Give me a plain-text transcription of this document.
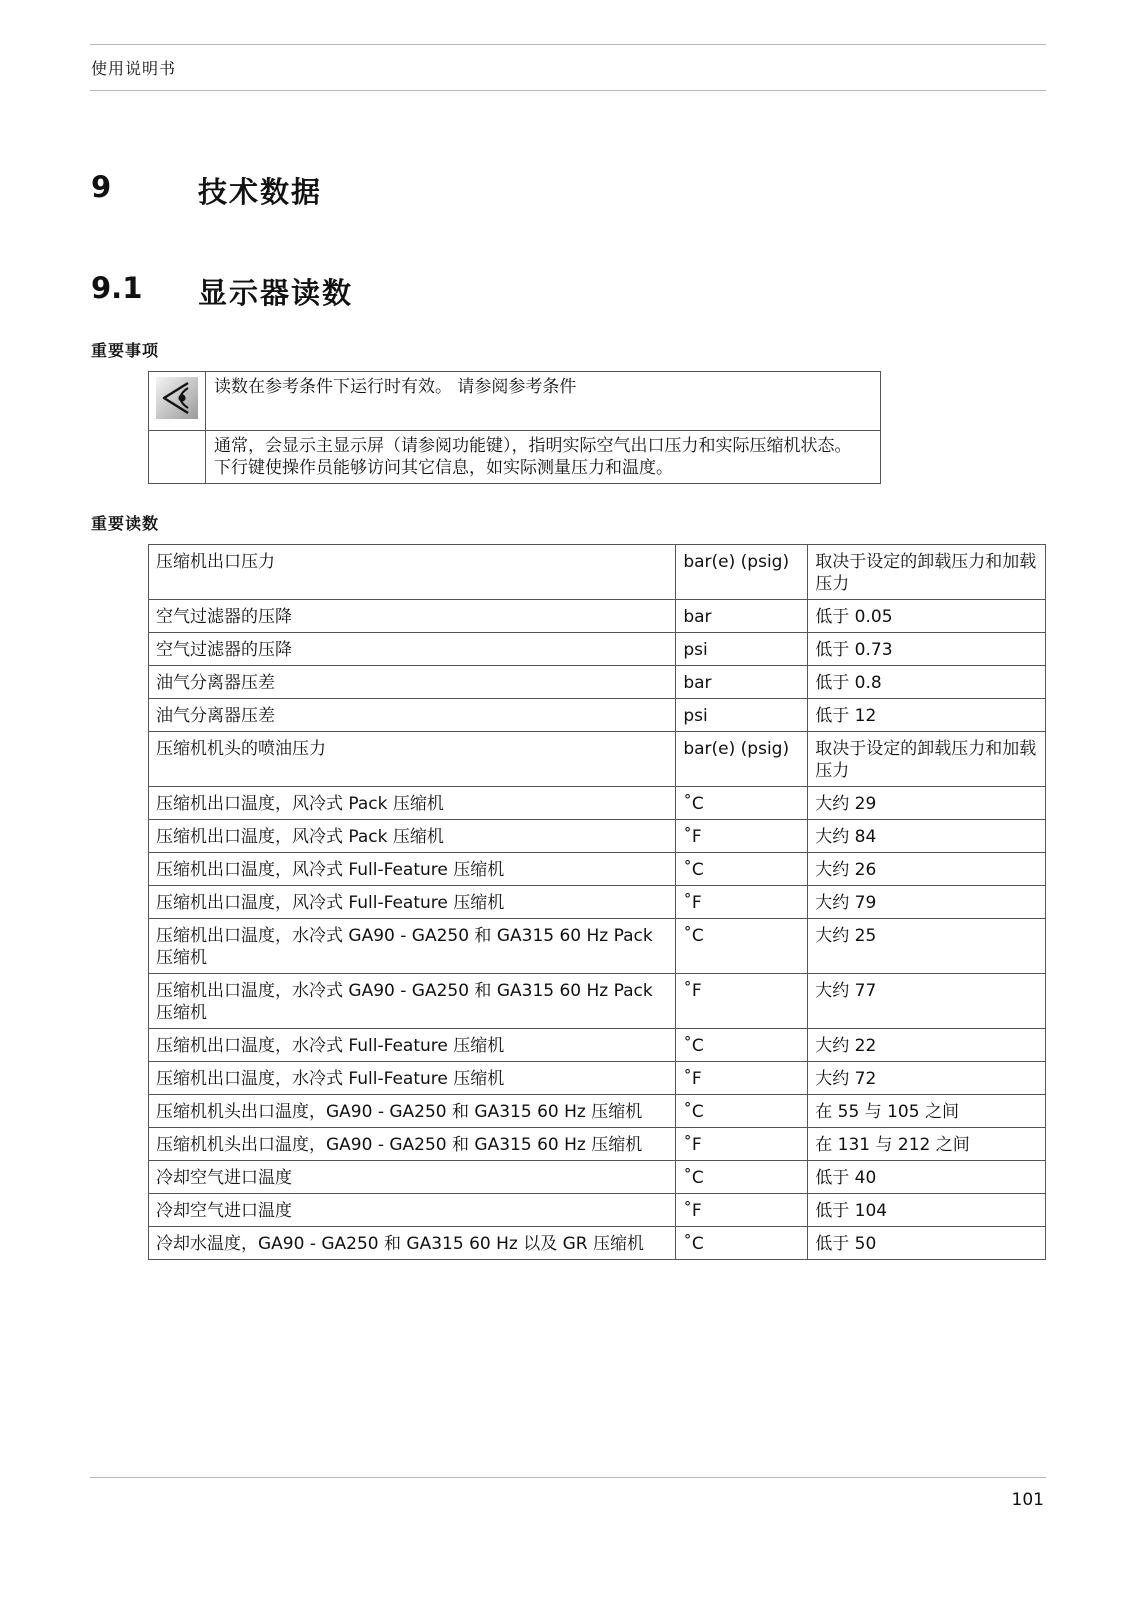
使用说明书
9	技术数据
9.1 显示器读数
重要事项
	读数在参考条件下运行时有效。 请参阅参考条件
	通常，会显示主显示屏（请参阅功能键），指明实际空气出口压力和实际压缩机状态。 下行键使操作员能够访问其它信息，如实际测量压力和温度。
重要读数
压缩机出口压力	bar(e) (psig)	取决于设定的卸载压力和加载压力
空气过滤器的压降	bar	低于 0.05
空气过滤器的压降	psi	低于 0.73
油气分离器压差	bar	低于 0.8
油气分离器压差	psi	低于 12
压缩机机头的喷油压力	bar(e) (psig)	取决于设定的卸载压力和加载压力
压缩机出口温度，风冷式 Pack 压缩机	˚C	大约 29
压缩机出口温度，风冷式 Pack 压缩机	˚F	大约 84
压缩机出口温度，风冷式 Full-Feature 压缩机	˚C	大约 26
压缩机出口温度，风冷式 Full-Feature 压缩机	˚F	大约 79
压缩机出口温度，水冷式 GA90 - GA250 和 GA315 60 Hz Pack 压缩机	˚C	大约 25
压缩机出口温度，水冷式 GA90 - GA250 和 GA315 60 Hz Pack 压缩机	˚F	大约 77
压缩机出口温度，水冷式 Full-Feature 压缩机	˚C	大约 22
压缩机出口温度，水冷式 Full-Feature 压缩机	˚F	大约 72
压缩机机头出口温度，GA90 - GA250 和 GA315 60 Hz 压缩机	˚C	在 55 与 105 之间
压缩机机头出口温度，GA90 - GA250 和 GA315 60 Hz 压缩机	˚F	在 131 与 212 之间
冷却空气进口温度	˚C	低于 40
冷却空气进口温度	˚F	低于 104
冷却水温度，GA90 - GA250 和 GA315 60 Hz 以及 GR 压缩机	˚C	低于 50
101
